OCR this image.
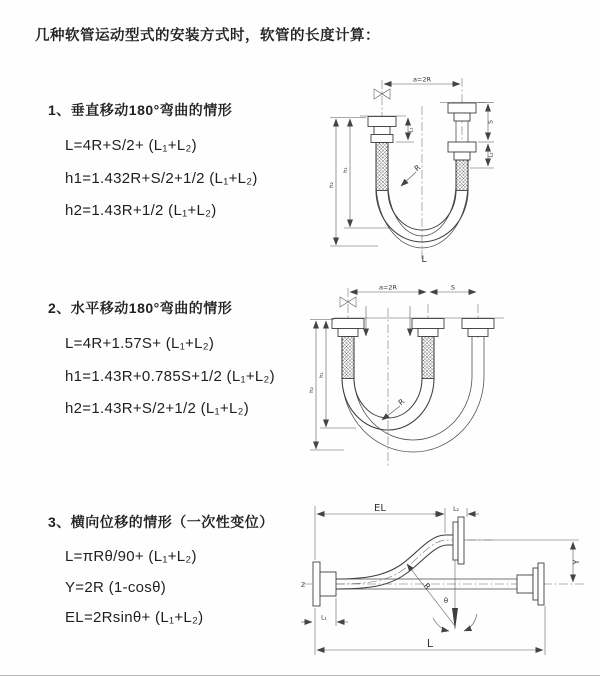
几种软管运动型式的安装方式时，软管的长度计算：
1、垂直移动180°弯曲的情形
L=4R+S/2+ (L₁+L₂)
h1=1.432R+S/2+1/2 (L₁+L₂)
h2=1.43R+1/2 (L₁+L₂)
a=2R
S
L₂
L₁
h₁
h₂
R
L
2、水平移动180°弯曲的情形
L=4R+1.57S+ (L₁+L₂)
h1=1.43R+0.785S+1/2 (L₁+L₂)
h2=1.43R+S/2+1/2 (L₁+L₂)
a=2R	S
h₁
h₂
R
3、横向位移的情形（一次性变位）
L=πRθ/90+ (L₁+L₂)
Y=2R (1-cosθ)
EL=2Rsinθ+ (L₁+L₂)
EL	L₂
Y
R
θ
Z
L₁
L
